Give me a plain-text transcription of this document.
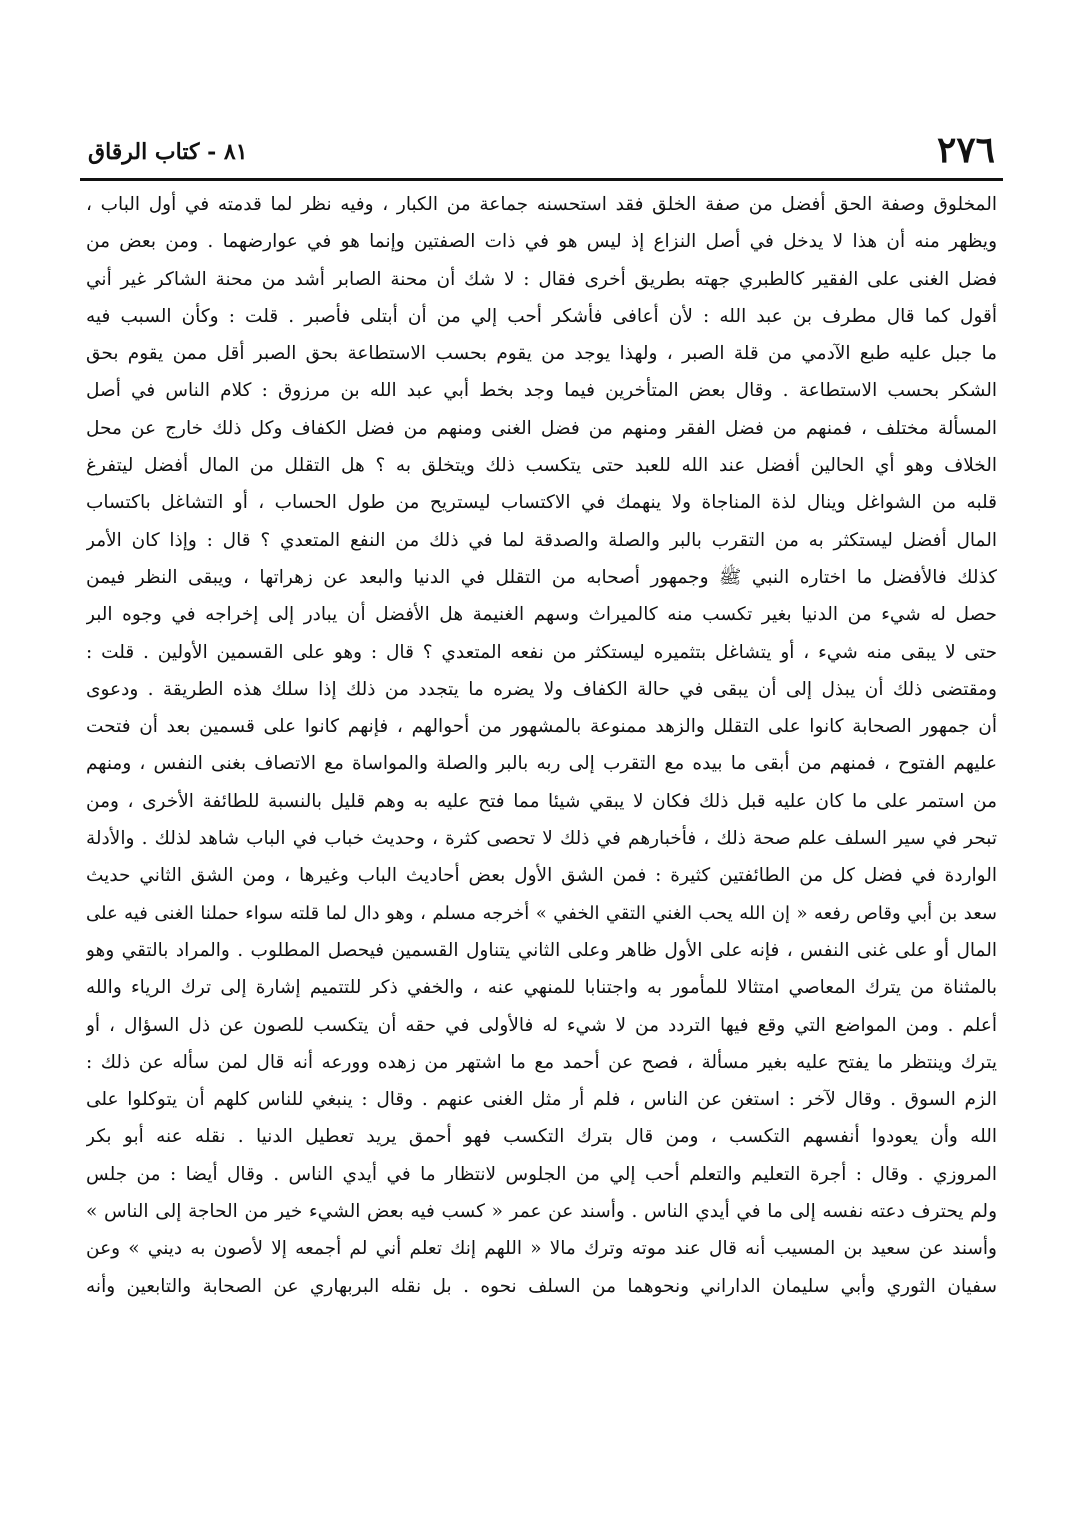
٢٧٦
٨١ - كتاب الرقاق
المخلوق وصفة الحق أفضل من صفة الخلق فقد استحسنه جماعة من الكبار ، وفيه نظر لما قدمته في أول الباب ،
ويظهر منه أن هذا لا يدخل في أصل النزاع إذ ليس هو في ذات الصفتين وإنما هو في عوارضهما . ومن بعض من
فضل الغنى على الفقير كالطبري جهته بطريق أخرى فقال : لا شك أن محنة الصابر أشد من محنة الشاكر غير أني
أقول كما قال مطرف بن عبد الله : لأن أعافى فأشكر أحب إلي من أن أبتلى فأصبر . قلت : وكأن السبب فيه
ما جبل عليه طبع الآدمي من قلة الصبر ، ولهذا يوجد من يقوم بحسب الاستطاعة بحق الصبر أقل ممن يقوم بحق
الشكر بحسب الاستطاعة . وقال بعض المتأخرين فيما وجد بخط أبي عبد الله بن مرزوق : كلام الناس في أصل
المسألة مختلف ، فمنهم من فضل الفقر ومنهم من فضل الغنى ومنهم من فضل الكفاف وكل ذلك خارج عن محل
الخلاف وهو أي الحالين أفضل عند الله للعبد حتى يتكسب ذلك ويتخلق به ؟ هل التقلل من المال أفضل ليتفرغ
قلبه من الشواغل وينال لذة المناجاة ولا ينهمك في الاكتساب ليستريح من طول الحساب ، أو التشاغل باكتساب
المال أفضل ليستكثر به من التقرب بالبر والصلة والصدقة لما في ذلك من النفع المتعدي ؟ قال : وإذا كان الأمر
كذلك فالأفضل ما اختاره النبي ﷺ وجمهور أصحابه من التقلل في الدنيا والبعد عن زهراتها ، ويبقى النظر فيمن
حصل له شيء من الدنيا بغير تكسب منه كالميراث وسهم الغنيمة هل الأفضل أن يبادر إلى إخراجه في وجوه البر
حتى لا يبقى منه شيء ، أو يتشاغل بتثميره ليستكثر من نفعه المتعدي ؟ قال : وهو على القسمين الأولين . قلت :
ومقتضى ذلك أن يبذل إلى أن يبقى في حالة الكفاف ولا يضره ما يتجدد من ذلك إذا سلك هذه الطريقة . ودعوى
أن جمهور الصحابة كانوا على التقلل والزهد ممنوعة بالمشهور من أحوالهم ، فإنهم كانوا على قسمين بعد أن فتحت
عليهم الفتوح ، فمنهم من أبقى ما بيده مع التقرب إلى ربه بالبر والصلة والمواساة مع الاتصاف بغنى النفس ، ومنهم
من استمر على ما كان عليه قبل ذلك فكان لا يبقي شيئا مما فتح عليه به وهم قليل بالنسبة للطائفة الأخرى ، ومن
تبحر في سير السلف علم صحة ذلك ، فأخبارهم في ذلك لا تحصى كثرة ، وحديث خباب في الباب شاهد لذلك . والأدلة
الواردة في فضل كل من الطائفتين كثيرة : فمن الشق الأول بعض أحاديث الباب وغيرها ، ومن الشق الثاني حديث
سعد بن أبي وقاص رفعه « إن الله يحب الغني التقي الخفي » أخرجه مسلم ، وهو دال لما قلته سواء حملنا الغنى فيه على
المال أو على غنى النفس ، فإنه على الأول ظاهر وعلى الثاني يتناول القسمين فيحصل المطلوب . والمراد بالتقي وهو
بالمثناة من يترك المعاصي امتثالا للمأمور به واجتنابا للمنهي عنه ، والخفي ذكر للتتميم إشارة إلى ترك الرياء والله
أعلم . ومن المواضع التي وقع فيها التردد من لا شيء له فالأولى في حقه أن يتكسب للصون عن ذل السؤال ، أو
يترك وينتظر ما يفتح عليه بغير مسألة ، فصح عن أحمد مع ما اشتهر من زهده وورعه أنه قال لمن سأله عن ذلك :
الزم السوق . وقال لآخر : استغن عن الناس ، فلم أر مثل الغنى عنهم . وقال : ينبغي للناس كلهم أن يتوكلوا على
الله وأن يعودوا أنفسهم التكسب ، ومن قال بترك التكسب فهو أحمق يريد تعطيل الدنيا . نقله عنه أبو بكر
المروزي . وقال : أجرة التعليم والتعلم أحب إلي من الجلوس لانتظار ما في أيدي الناس . وقال أيضا : من جلس
ولم يحترف دعته نفسه إلى ما في أيدي الناس . وأسند عن عمر « كسب فيه بعض الشيء خير من الحاجة إلى الناس »
وأسند عن سعيد بن المسيب أنه قال عند موته وترك مالا « اللهم إنك تعلم أني لم أجمعه إلا لأصون به ديني » وعن
سفيان الثوري وأبي سليمان الداراني ونحوهما من السلف نحوه . بل نقله البربهاري عن الصحابة والتابعين وأنه
